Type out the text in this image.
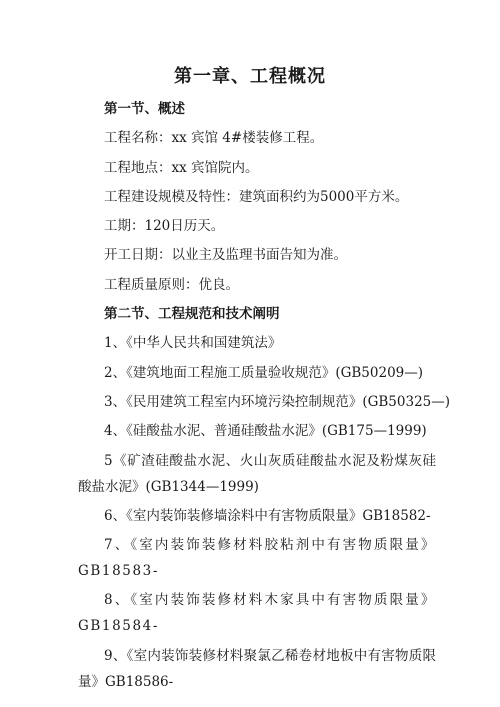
第一章、工程概况
第一节、概述
工程名称：xx 宾馆 4#楼装修工程。
工程地点：xx 宾馆院内。
工程建设规模及特性：建筑面积约为5000平方米。
工期：120日历天。
开工日期：以业主及监理书面告知为准。
工程质量原则：优良。
第二节、工程规范和技术阐明
1、《中华人民共和国建筑法》
2、《建筑地面工程施工质量验收规范》(GB50209—)
3、《民用建筑工程室内环境污染控制规范》(GB50325—)
4、《硅酸盐水泥、普通硅酸盐水泥》(GB175—1999)
5《矿渣硅酸盐水泥、火山灰质硅酸盐水泥及粉煤灰硅酸盐水泥》(GB1344—1999)
6、《室内装饰装修墙涂料中有害物质限量》GB18582-
7、《室内装饰装修材料胶粘剂中有害物质限量》GB18583-
8、《室内装饰装修材料木家具中有害物质限量》GB18584-
9、《室内装饰装修材料聚氯乙稀卷材地板中有害物质限量》GB18586-
